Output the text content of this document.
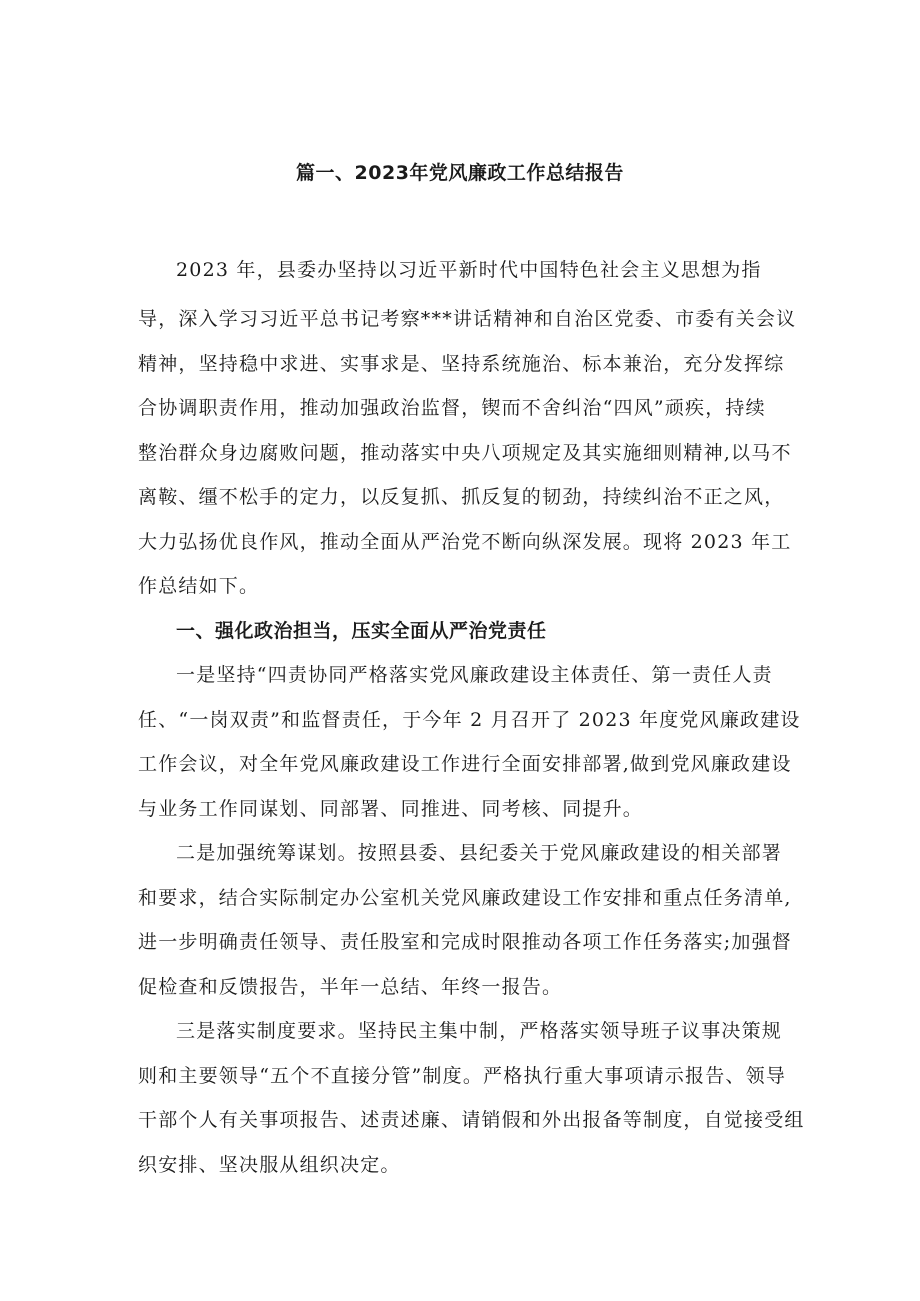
篇一、2023年党风廉政工作总结报告
2023 年，县委办坚持以习近平新时代中国特色社会主义思想为指
导，深入学习习近平总书记考察***讲话精神和自治区党委、市委有关会议
精神，坚持稳中求进、实事求是、坚持系统施治、标本兼治，充分发挥综
合协调职责作用，推动加强政治监督，锲而不舍纠治“四风”顽疾，持续
整治群众身边腐败问题，推动落实中央八项规定及其实施细则精神,以马不
离鞍、缰不松手的定力，以反复抓、抓反复的韧劲，持续纠治不正之风，
大力弘扬优良作风，推动全面从严治党不断向纵深发展。现将 2023 年工
作总结如下。
一、强化政治担当，压实全面从严治党责任
一是坚持“四责协同严格落实党风廉政建设主体责任、第一责任人责
任、“一岗双责”和监督责任，于今年 2 月召开了 2023 年度党风廉政建设
工作会议，对全年党风廉政建设工作进行全面安排部署,做到党风廉政建设
与业务工作同谋划、同部署、同推进、同考核、同提升。
二是加强统筹谋划。按照县委、县纪委关于党风廉政建设的相关部署
和要求，结合实际制定办公室机关党风廉政建设工作安排和重点任务清单,
进一步明确责任领导、责任股室和完成时限推动各项工作任务落实;加强督
促检查和反馈报告，半年一总结、年终一报告。
三是落实制度要求。坚持民主集中制，严格落实领导班子议事决策规
则和主要领导“五个不直接分管”制度。严格执行重大事项请示报告、领导
干部个人有关事项报告、述责述廉、请销假和外出报备等制度，自觉接受组
织安排、坚决服从组织决定。
